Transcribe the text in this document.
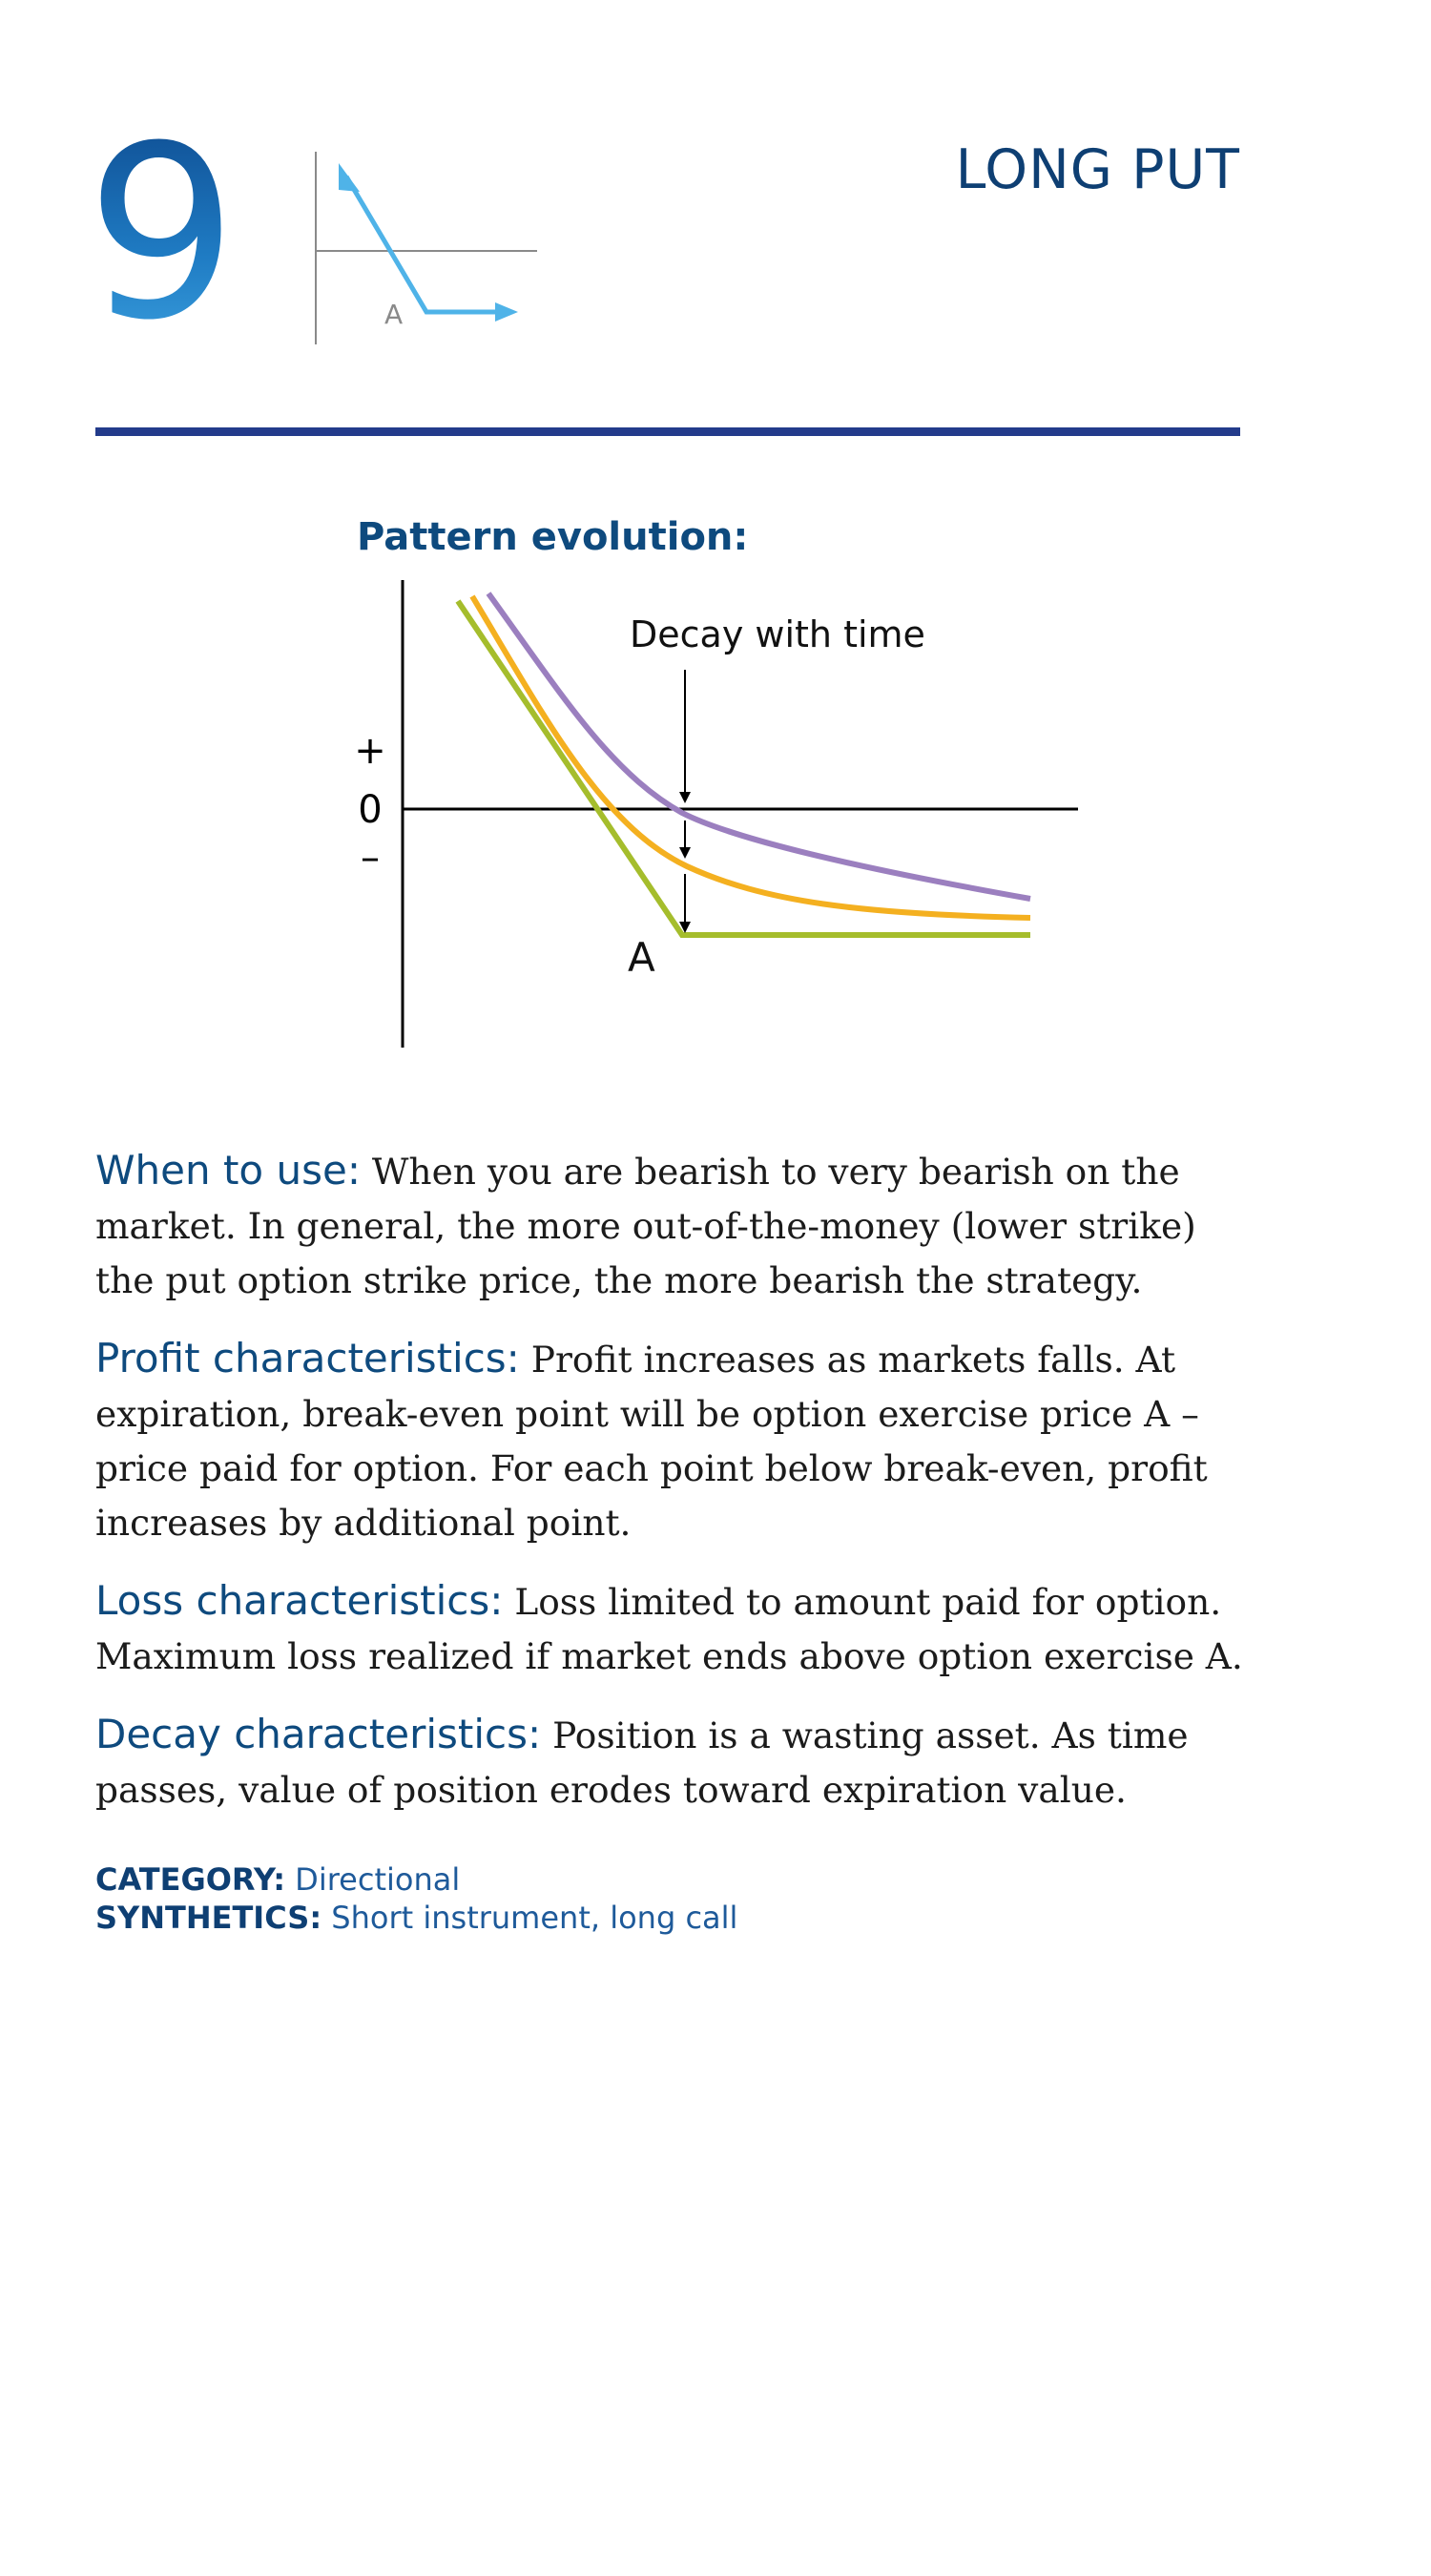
9	A
LONG PUT
Pattern evolution:
+
0
–
Decay with time
A

When to use: When you are bearish to very bearish on the market. In general, the more out-of-the-money (lower strike) the put option strike price, the more bearish the strategy.

Profit characteristics: Profit increases as markets falls. At expiration, break-even point will be option exercise price A – price paid for option. For each point below break-even, profit increases by additional point.

Loss characteristics: Loss limited to amount paid for option. Maximum loss realized if market ends above option exercise A.

Decay characteristics: Position is a wasting asset. As time passes, value of position erodes toward expiration value.

CATEGORY: Directional
SYNTHETICS: Short instrument, long call
